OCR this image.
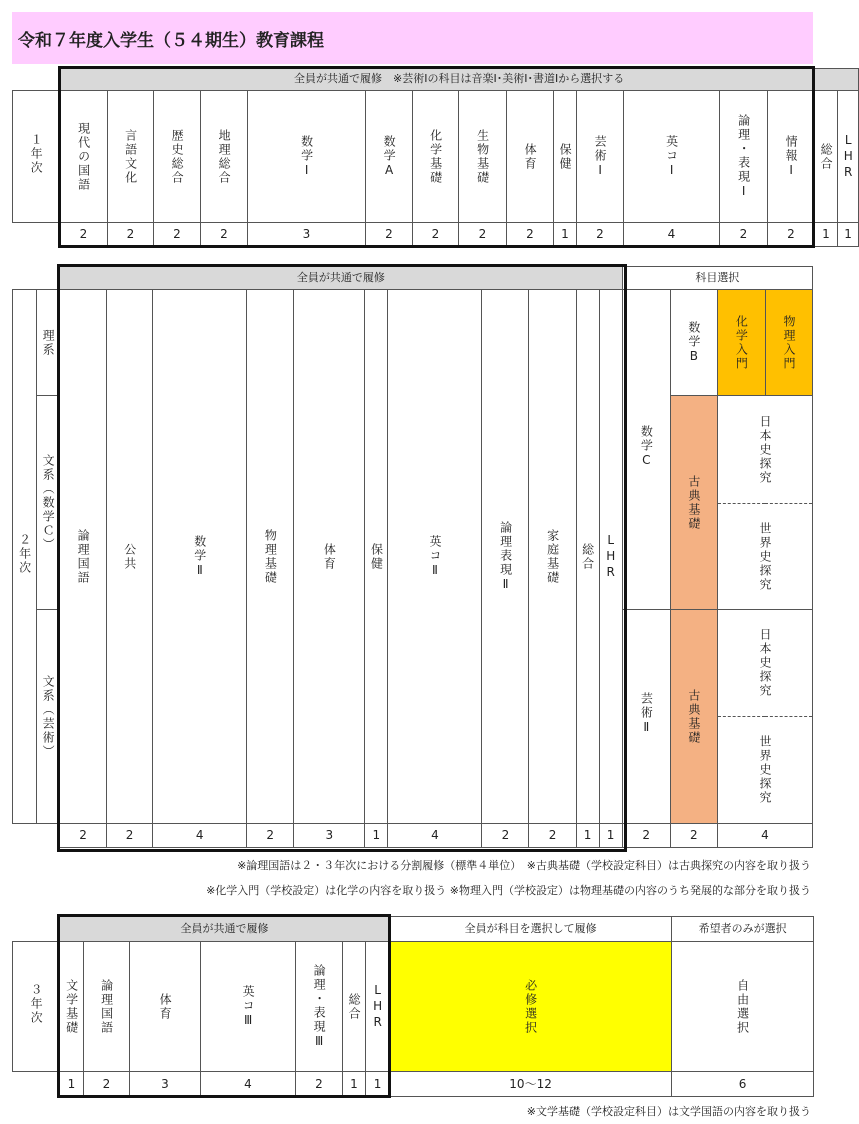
令和７年度入学生（５４期生）教育課程
	全員が共通で履修　※芸術Ⅰの科目は音楽Ⅰ･美術Ⅰ･書道Ⅰから選択する															
１年次	現代の国語	言語文化	歴史総合	地理総合	数学Ⅰ	数学A	化学基礎	生物基礎	体育	保健	芸術Ⅰ	英コⅠ	論理・表現Ⅰ	情報Ⅰ	総合	LHR
	2	2	2	2	3	2	2	2	2	1	2	4	2	2	1	1
		全員が共通で履修											科目選択			
２年次	理系	論理国語	公共	数学Ⅱ	物理基礎	体育	保健	英コⅡ	論理表現Ⅱ	家庭基礎	総合	LHR	数学C	数学B	化学入門	物理入門
	文系（数学Ｃ）													古典基礎	日本史探究	
															世界史探究	
	文系（芸術）												芸術Ⅱ	古典基礎	日本史探究	
															世界史探究	
		2	2	4	2	3	1	4	2	2	1	1	2	2	4	
※論理国語は２・３年次における分割履修（標準４単位）　※古典基礎（学校設定科目）は古典探究の内容を取り扱う
※化学入門（学校設定）は化学の内容を取り扱う ※物理入門（学校設定）は物理基礎の内容のうち発展的な部分を取り扱う
	全員が共通で履修							全員が科目を選択して履修	希望者のみが選択
３年次	文学基礎	論理国語	体育	英コⅢ	論理・表現Ⅲ	総合	LHR	必修選択	自由選択
	1	2	3	4	2	1	1	10〜12	6
※文学基礎（学校設定科目）は文学国語の内容を取り扱う
